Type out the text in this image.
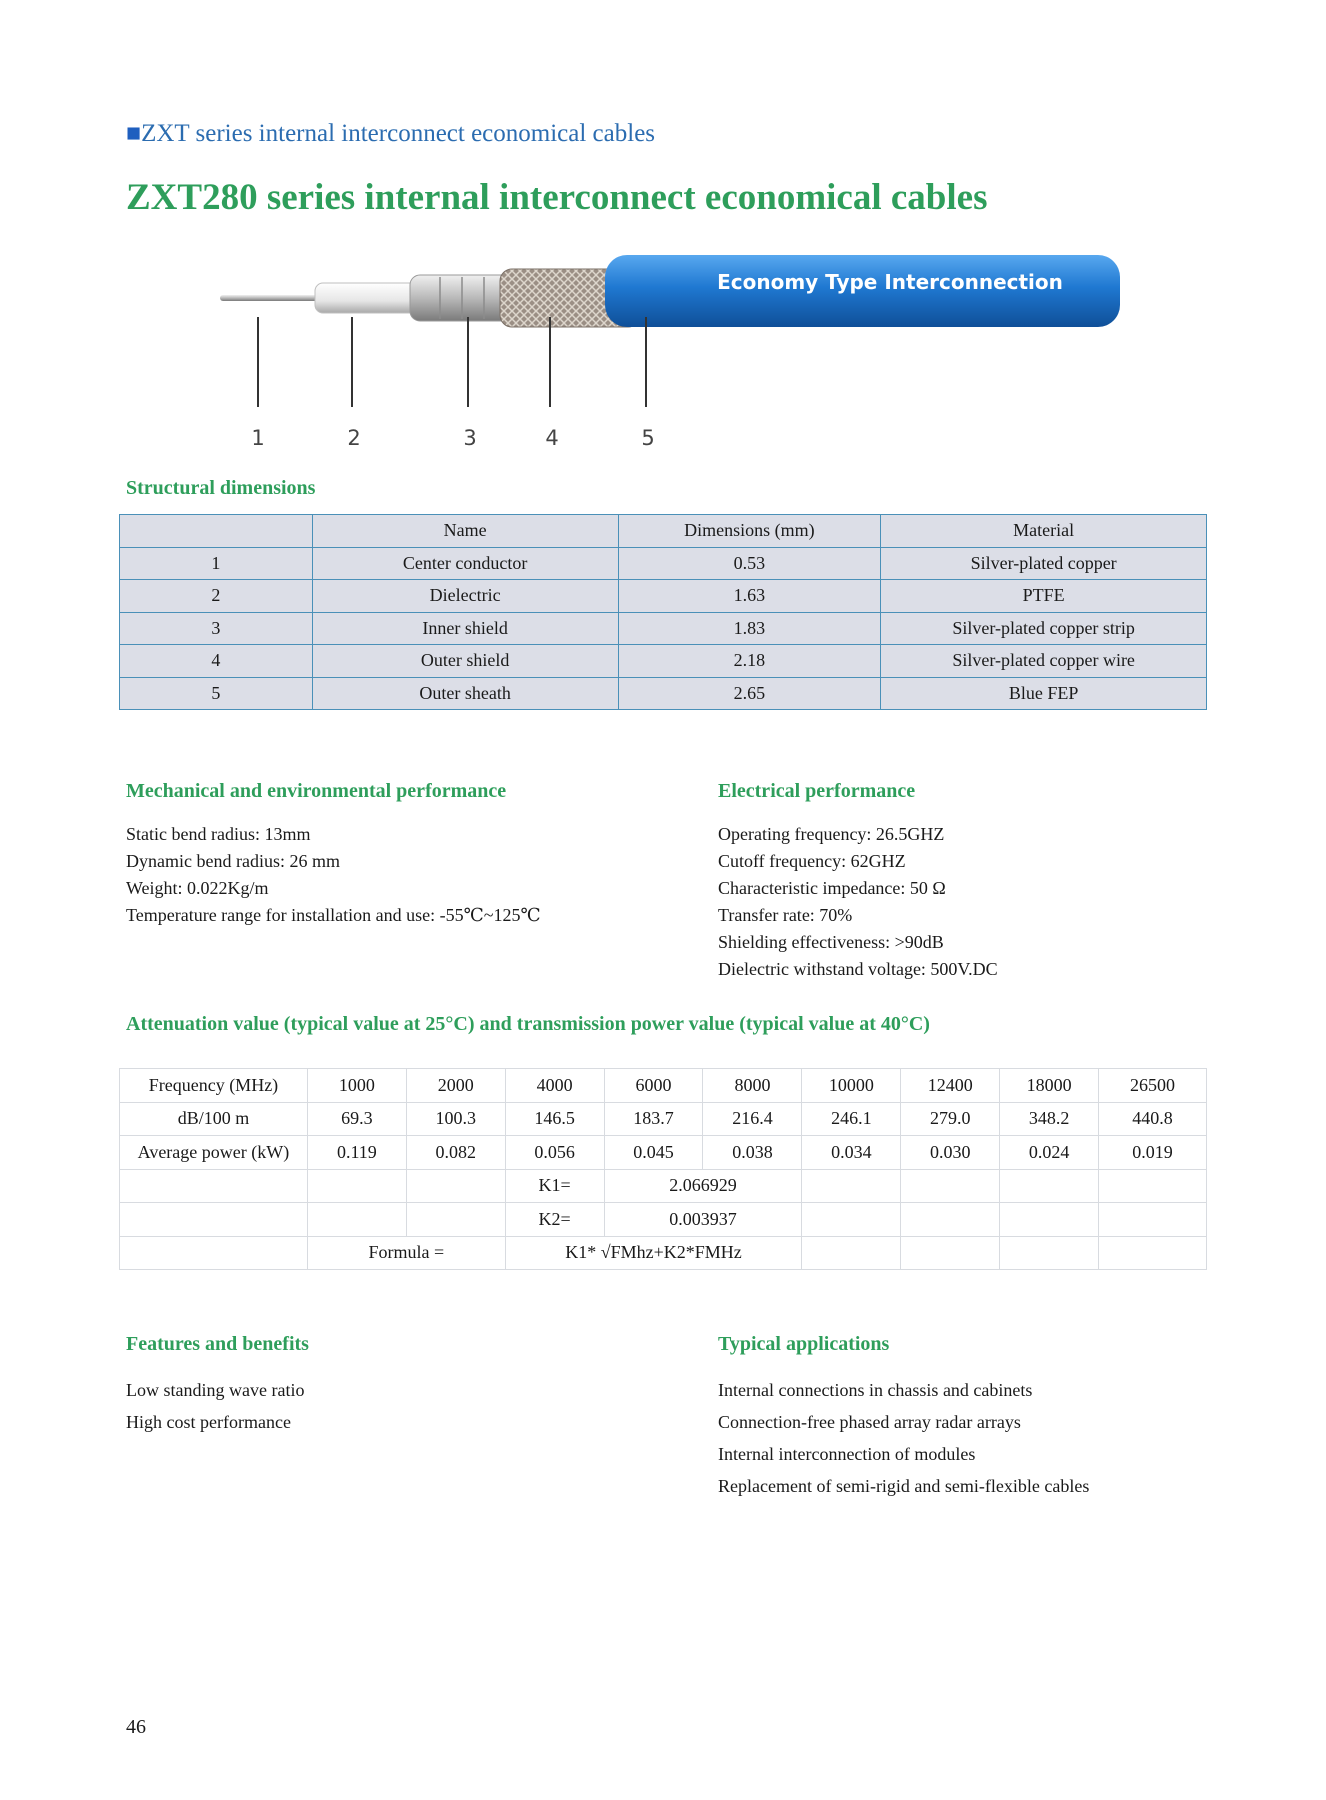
■ZXT series internal interconnect economical cables
ZXT280 series internal interconnect economical cables
Economy Type Interconnection
1	2	3	4	5
Structural dimensions
	Name	Dimensions (mm)	Material
1	Center conductor	0.53	Silver-plated copper
2	Dielectric	1.63	PTFE
3	Inner shield	1.83	Silver-plated copper strip
4	Outer shield	2.18	Silver-plated copper wire
5	Outer sheath	2.65	Blue FEP
Mechanical and environmental performance
Static bend radius: 13mm
Dynamic bend radius: 26 mm
Weight: 0.022Kg/m
Temperature range for installation and use: -55℃~125℃
Electrical performance
Operating frequency: 26.5GHZ
Cutoff frequency: 62GHZ
Characteristic impedance: 50 Ω
Transfer rate: 70%
Shielding effectiveness: >90dB
Dielectric withstand voltage: 500V.DC
Attenuation value (typical value at 25°C) and transmission power value (typical value at 40°C)
Frequency (MHz)	1000	2000	4000	6000	8000	10000	12400	18000	26500
dB/100 m	69.3	100.3	146.5	183.7	216.4	246.1	279.0	348.2	440.8
Average power (kW)	0.119	0.082	0.056	0.045	0.038	0.034	0.030	0.024	0.019
			K1=	2.066929					
			K2=	0.003937					
	Formula =		K1* √FMhz+K2*FMHz						
Features and benefits
Low standing wave ratio
High cost performance
Typical applications
Internal connections in chassis and cabinets
Connection-free phased array radar arrays
Internal interconnection of modules
Replacement of semi-rigid and semi-flexible cables
46
